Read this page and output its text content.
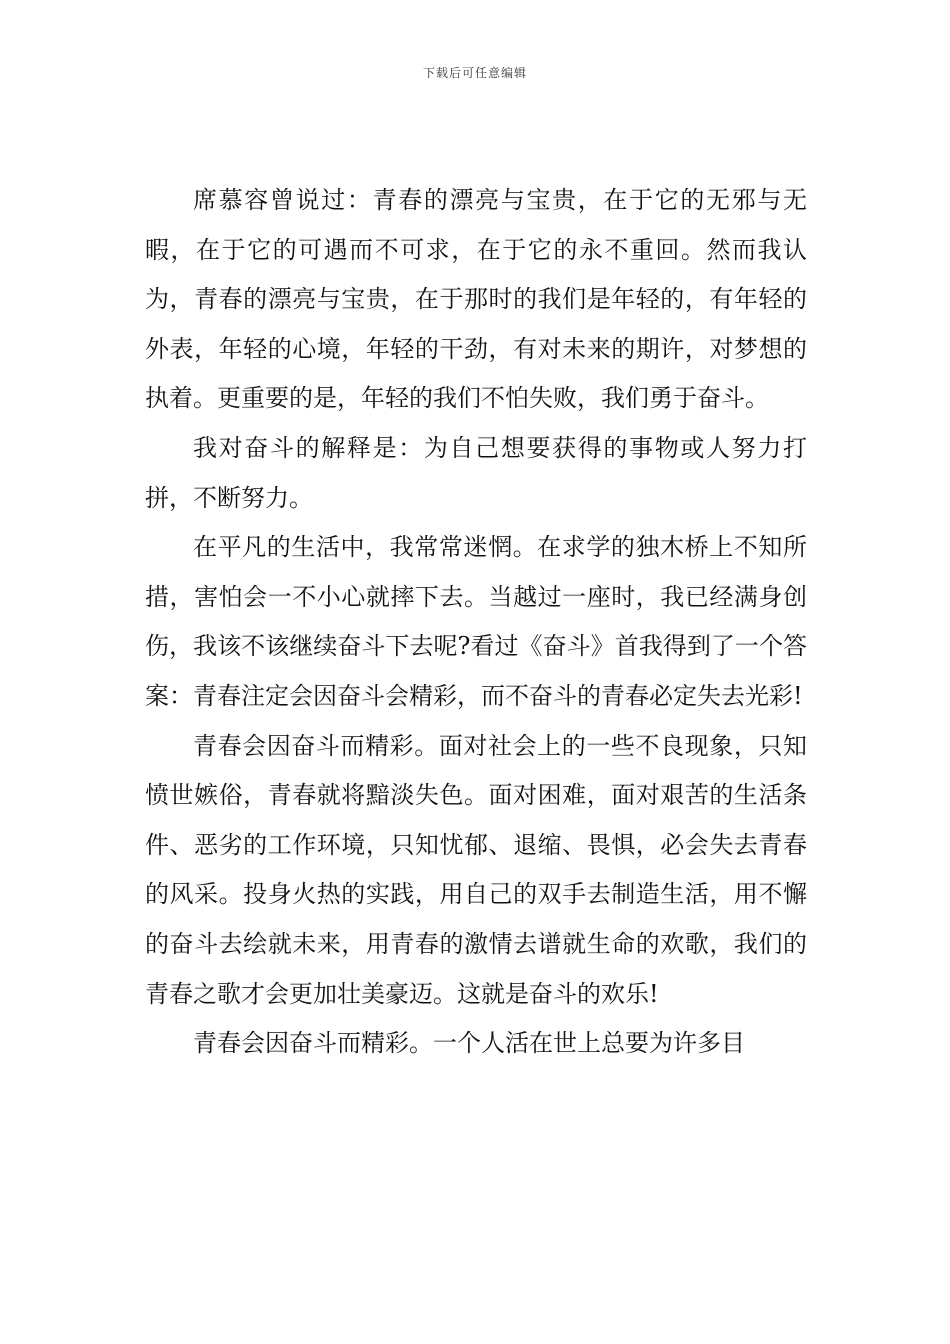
下载后可任意编辑

席慕容曾说过：青春的漂亮与宝贵，在于它的无邪与无暇，在于它的可遇而不可求，在于它的永不重回。然而我认为，青春的漂亮与宝贵，在于那时的我们是年轻的，有年轻的外表，年轻的心境，年轻的干劲，有对未来的期许，对梦想的执着。更重要的是，年轻的我们不怕失败，我们勇于奋斗。

我对奋斗的解释是：为自己想要获得的事物或人努力打拼，不断努力。

在平凡的生活中，我常常迷惘。在求学的独木桥上不知所措，害怕会一不小心就摔下去。当越过一座时，我已经满身创伤，我该不该继续奋斗下去呢?看过《奋斗》首我得到了一个答案：青春注定会因奋斗会精彩，而不奋斗的青春必定失去光彩!

青春会因奋斗而精彩。面对社会上的一些不良现象，只知愤世嫉俗，青春就将黯淡失色。面对困难，面对艰苦的生活条件、恶劣的工作环境，只知忧郁、退缩、畏惧，必会失去青春的风采。投身火热的实践，用自己的双手去制造生活，用不懈的奋斗去绘就未来，用青春的激情去谱就生命的欢歌，我们的青春之歌才会更加壮美豪迈。这就是奋斗的欢乐!

青春会因奋斗而精彩。一个人活在世上总要为许多目
